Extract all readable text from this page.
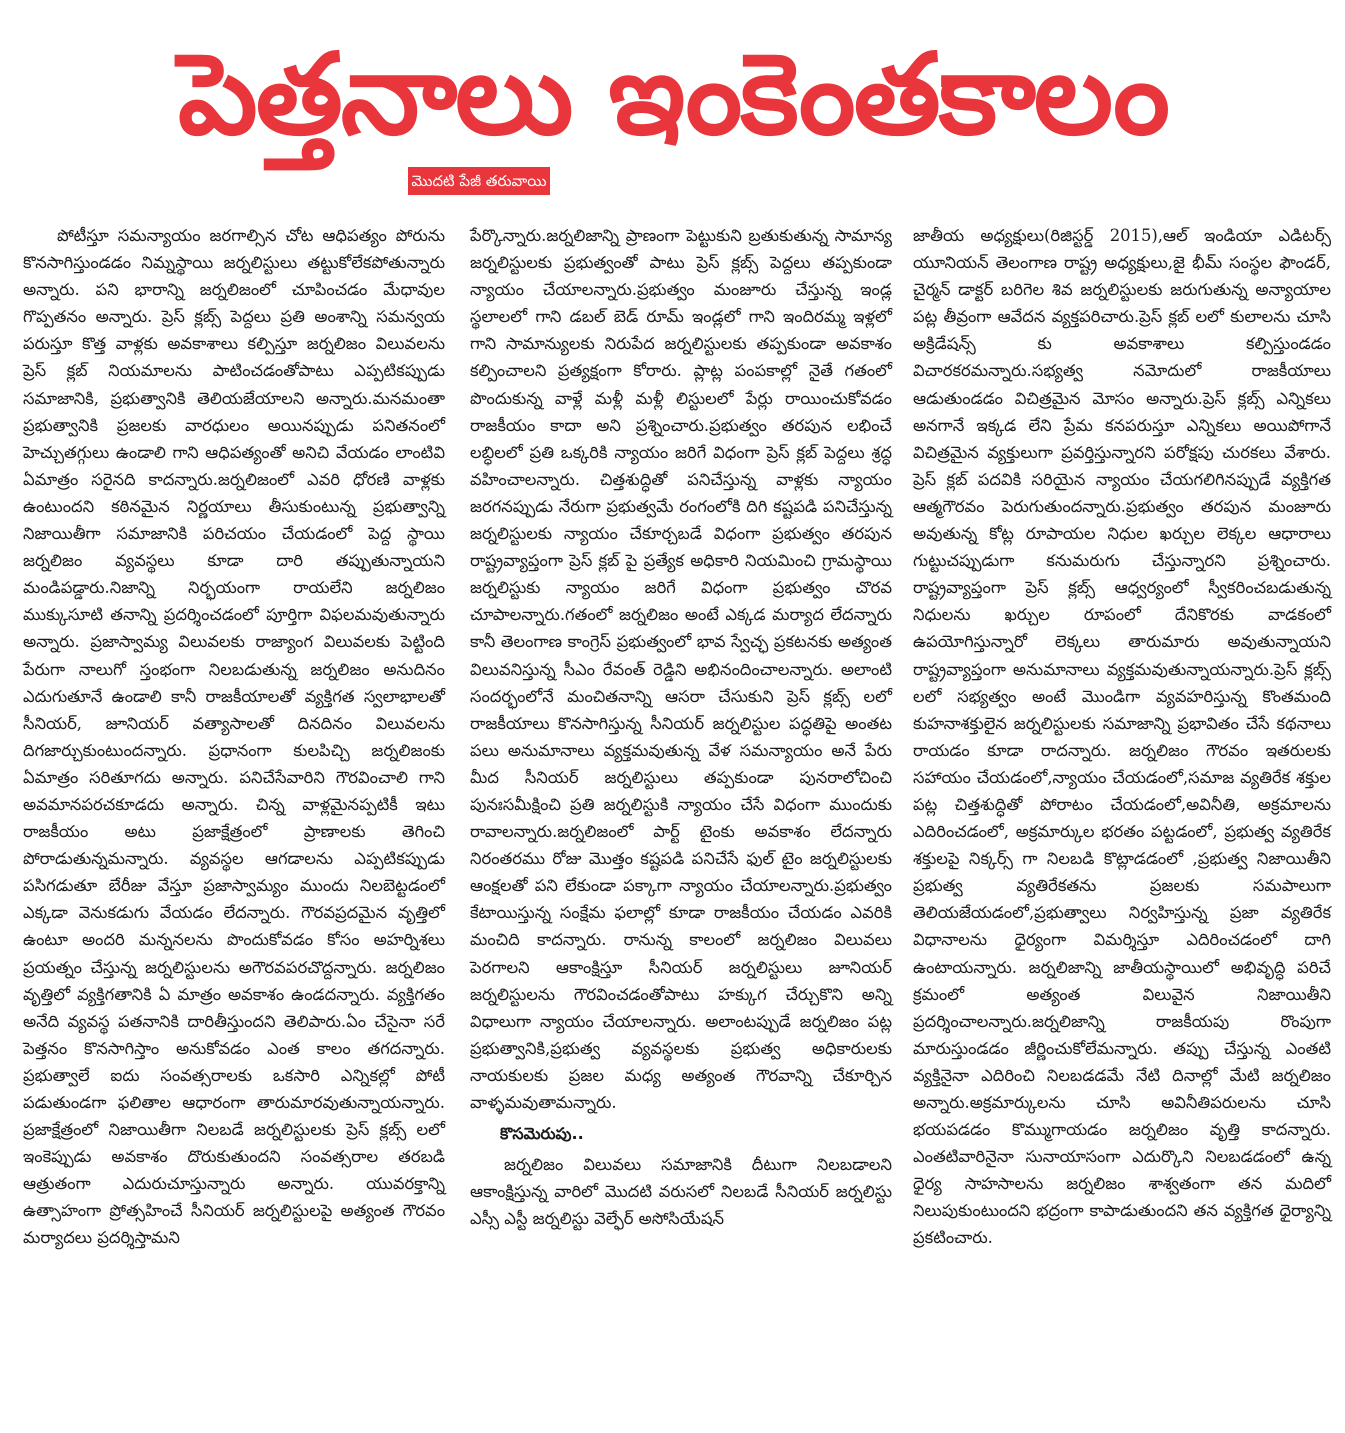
పెత్తనాలు ఇంకెంతకాలం
మొదటి పేజీ తరువాయి

పోటీస్తూ సమన్యాయం జరగాల్సిన చోట ఆధిపత్యం పోరును కొనసాగిస్తుండడం నిమ్నస్థాయి జర్నలిస్టులు తట్టుకోలేకపోతున్నారు అన్నారు. పని భారాన్ని జర్నలిజంలో చూపించడం మేధావుల గొప్పతనం అన్నారు. ప్రెస్ క్లబ్స్ పెద్దలు ప్రతి అంశాన్ని సమన్వయ పరుస్తూ కొత్త వాళ్లకు అవకాశాలు కల్పిస్తూ జర్నలిజం విలువలను ప్రెస్ క్లబ్ నియమాలను పాటించడంతోపాటు ఎప్పటికప్పుడు సమాజానికి, ప్రభుత్వానికి తెలియజేయాలని అన్నారు.మనమంతా ప్రభుత్వానికి ప్రజలకు వారధులం అయినప్పుడు పనితనంలో హెచ్చుతగ్గులు ఉండాలి గాని ఆధిపత్యంతో అనిచి వేయడం లాంటివి ఏమాత్రం సరైనది కాదన్నారు.జర్నలిజంలో ఎవరి ధోరణి వాళ్లకు ఉంటుందని కఠినమైన నిర్ణయాలు తీసుకుంటున్న ప్రభుత్వాన్ని నిజాయితీగా సమాజానికి పరిచయం చేయడంలో పెద్ద స్థాయి జర్నలిజం వ్యవస్థలు కూడా దారి తప్పుతున్నాయని మండిపడ్డారు.నిజాన్ని నిర్భయంగా రాయలేని జర్నలిజం ముక్కుసూటి తనాన్ని ప్రదర్శించడంలో పూర్తిగా విఫలమవుతున్నారు అన్నారు. ప్రజాస్వామ్య విలువలకు రాజ్యాంగ విలువలకు పెట్టింది పేరుగా నాలుగో స్తంభంగా నిలబడుతున్న జర్నలిజం అనుదినం ఎదుగుతూనే ఉండాలి కానీ రాజకీయాలతో వ్యక్తిగత స్వలాభాలతో సీనియర్, జూనియర్ వత్యాసాలతో దినదినం విలువలను దిగజార్చుకుంటుందన్నారు. ప్రధానంగా కులపిచ్చి జర్నలిజంకు ఏమాత్రం సరితూగదు అన్నారు. పనిచేసేవారిని గౌరవించాలి గాని అవమానపరచకూడదు అన్నారు. చిన్న వాళ్లమైనప్పటికీ ఇటు రాజకీయం అటు ప్రజాక్షేత్రంలో ప్రాణాలకు తెగించి పోరాడుతున్నమన్నారు. వ్యవస్థల ఆగడాలను ఎప్పటికప్పుడు పసిగడుతూ బేరీజు వేస్తూ ప్రజాస్వామ్యం ముందు నిలబెట్టడంలో ఎక్కడా వెనుకడుగు వేయడం లేదన్నారు. గౌరవప్రదమైన వృత్తిలో ఉంటూ అందరి మన్ననలను పొందుకోవడం కోసం అహర్నిశలు ప్రయత్నం చేస్తున్న జర్నలిస్టులను అగౌరవపరచొద్దన్నారు. జర్నలిజం వృత్తిలో వ్యక్తిగతానికి ఏ మాత్రం అవకాశం ఉండదన్నారు. వ్యక్తిగతం అనేది వ్యవస్థ పతనానికి దారితీస్తుందని తెలిపారు.ఏం చేసైనా సరే పెత్తనం కొనసాగిస్తాం అనుకోవడం ఎంత కాలం తగదన్నారు. ప్రభుత్వాలే ఐదు సంవత్సరాలకు ఒకసారి ఎన్నికల్లో పోటీ పడుతుండగా ఫలితాల ఆధారంగా తారుమారవుతున్నాయన్నారు. ప్రజాక్షేత్రంలో నిజాయితీగా నిలబడే జర్నలిస్టులకు ప్రెస్ క్లబ్స్ లలో ఇంకెప్పుడు అవకాశం దొరుకుతుందని సంవత్సరాల తరబడి ఆత్రుతంగా ఎదురుచూస్తున్నారు అన్నారు. యువరక్తాన్ని ఉత్సాహంగా ప్రోత్సహించే సీనియర్ జర్నలిస్టులపై అత్యంత గౌరవం మర్యాదలు ప్రదర్శిస్తామని

పేర్కొన్నారు.జర్నలిజాన్ని ప్రాణంగా పెట్టుకుని బ్రతుకుతున్న సామాన్య జర్నలిస్టులకు ప్రభుత్వంతో పాటు ప్రెస్ క్లబ్స్ పెద్దలు తప్పకుండా న్యాయం చేయాలన్నారు.ప్రభుత్వం మంజూరు చేస్తున్న ఇండ్ల స్థలాలలో గాని డబల్ బెడ్ రూమ్ ఇండ్లలో గాని ఇందిరమ్మ ఇళ్లలో గాని సామాన్యులకు నిరుపేద జర్నలిస్టులకు తప్పకుండా అవకాశం కల్పించాలని ప్రత్యక్షంగా కోరారు. ప్లాట్ల పంపకాల్లో నైతే గతంలో పొందుకున్న వాళ్లే మళ్లీ మళ్లీ లిస్టులలో పేర్లు రాయించుకోవడం రాజకీయం కాదా అని ప్రశ్నించారు.ప్రభుత్వం తరపున లభించే లబ్ధిలలో ప్రతి ఒక్కరికి న్యాయం జరిగే విధంగా ప్రెస్ క్లబ్ పెద్దలు శ్రద్ధ వహించాలన్నారు. చిత్తశుద్ధితో పనిచేస్తున్న వాళ్లకు న్యాయం జరగనప్పుడు నేరుగా ప్రభుత్వమే రంగంలోకి దిగి కష్టపడి పనిచేస్తున్న జర్నలిస్టులకు న్యాయం చేకూర్చబడే విధంగా ప్రభుత్వం తరపున రాష్ట్రవ్యాప్తంగా ప్రెస్ క్లబ్ పై ప్రత్యేక అధికారి నియమించి గ్రామస్థాయి జర్నలిస్టుకు న్యాయం జరిగే విధంగా ప్రభుత్వం చొరవ చూపాలన్నారు.గతంలో జర్నలిజం అంటే ఎక్కడ మర్యాద లేదన్నారు కానీ తెలంగాణ కాంగ్రెస్ ప్రభుత్వంలో భావ స్వేచ్ఛ ప్రకటనకు అత్యంత విలువనిస్తున్న సీఎం రేవంత్ రెడ్డిని అభినందించాలన్నారు. అలాంటి సందర్భంలోనే మంచితనాన్ని ఆసరా చేసుకుని ప్రెస్ క్లబ్స్ లలో రాజకీయాలు కొనసాగిస్తున్న సీనియర్ జర్నలిస్టుల పద్ధతిపై అంతట పలు అనుమానాలు వ్యక్తమవుతున్న వేళ సమన్యాయం అనే పేరు మీద సీనియర్ జర్నలిస్టులు తప్పకుండా పునరాలోచించి పునఃసమీక్షించి ప్రతి జర్నలిస్టుకి న్యాయం చేసే విధంగా ముందుకు రావాలన్నారు.జర్నలిజంలో పార్ట్ టైంకు అవకాశం లేదన్నారు నిరంతరము రోజు మొత్తం కష్టపడి పనిచేసే ఫుల్ టైం జర్నలిస్టులకు ఆంక్షలతో పని లేకుండా పక్కాగా న్యాయం చేయాలన్నారు.ప్రభుత్వం కేటాయిస్తున్న సంక్షేమ ఫలాల్లో కూడా రాజకీయం చేయడం ఎవరికి మంచిది కాదన్నారు. రానున్న కాలంలో జర్నలిజం విలువలు పెరగాలని ఆకాంక్షిస్తూ సీనియర్ జర్నలిస్టులు జూనియర్ జర్నలిస్టులను గౌరవించడంతోపాటు హక్కుగ చేర్చుకొని అన్ని విధాలుగా న్యాయం చేయాలన్నారు. అలాంటప్పుడే జర్నలిజం పట్ల ప్రభుత్వానికి,ప్రభుత్వ వ్యవస్థలకు ప్రభుత్వ అధికారులకు నాయకులకు ప్రజల మధ్య అత్యంత గౌరవాన్ని చేకూర్చిన వాళ్ళమవుతామన్నారు.

కొసమెరుపు..

జర్నలిజం విలువలు సమాజానికి దీటుగా నిలబడాలని ఆకాంక్షిస్తున్న వారిలో మొదటి వరుసలో నిలబడే సీనియర్ జర్నలిస్టు ఎస్సీ ఎస్టీ జర్నలిస్టు వెల్ఫేర్ అసోసియేషన్

జాతీయ అధ్యక్షులు(రిజిస్టర్డ్ 2015),ఆల్ ఇండియా ఎడిటర్స్ యూనియన్ తెలంగాణ రాష్ట్ర అధ్యక్షులు,జై భీమ్ సంస్థల ఫౌండర్, చైర్మన్ డాక్టర్ బరిగెల శివ జర్నలిస్టులకు జరుగుతున్న అన్యాయాల పట్ల తీవ్రంగా ఆవేదన వ్యక్తపరిచారు.ప్రెస్ క్లబ్ లలో కులాలను చూసి అక్రిడేషన్స్ కు అవకాశాలు కల్పిస్తుండడం విచారకరమన్నారు.సభ్యత్వ నమోదులో రాజకీయాలు ఆడుతుండడం విచిత్రమైన మోసం అన్నారు.ప్రెస్ క్లబ్స్ ఎన్నికలు అనగానే ఇక్కడ లేని ప్రేమ కనపరుస్తూ ఎన్నికలు అయిపోగానే విచిత్రమైన వ్యక్తులుగా ప్రవర్తిస్తున్నారని పరోక్షపు చురకలు వేశారు. ప్రెస్ క్లబ్ పదవికి సరియైన న్యాయం చేయగలిగినప్పుడే వ్యక్తిగత ఆత్మగౌరవం పెరుగుతుందన్నారు.ప్రభుత్వం తరపున మంజూరు అవుతున్న కోట్ల రూపాయల నిధుల ఖర్చుల లెక్కల ఆధారాలు గుట్టుచప్పుడుగా కనుమరుగు చేస్తున్నారని ప్రశ్నించారు. రాష్ట్రవ్యాప్తంగా ప్రెస్ క్లబ్స్ ఆధ్వర్యంలో స్వీకరించబడుతున్న నిధులను ఖర్చుల రూపంలో దేనికొరకు వాడకంలో ఉపయోగిస్తున్నారో లెక్కలు తారుమారు అవుతున్నాయని రాష్ట్రవ్యాప్తంగా అనుమానాలు వ్యక్తమవుతున్నాయన్నారు.ప్రెస్ క్లబ్స్ లలో సభ్యత్వం అంటే మొండిగా వ్యవహరిస్తున్న కొంతమంది కుహనాశక్తులైన జర్నలిస్టులకు సమాజాన్ని ప్రభావితం చేసే కథనాలు రాయడం కూడా రాదన్నారు. జర్నలిజం గౌరవం ఇతరులకు సహాయం చేయడంలో,న్యాయం చేయడంలో,సమాజ వ్యతిరేక శక్తుల పట్ల చిత్తశుద్ధితో పోరాటం చేయడంలో,అవినీతి, అక్రమాలను ఎదిరించడంలో, అక్రమార్కుల భరతం పట్టడంలో, ప్రభుత్వ వ్యతిరేక శక్తులపై నిక్కర్స్ గా నిలబడి కొట్లాడడంలో ,ప్రభుత్వ నిజాయితీని ప్రభుత్వ వ్యతిరేకతను ప్రజలకు సమపాలుగా తెలియజేయడంలో,ప్రభుత్వాలు నిర్వహిస్తున్న ప్రజా వ్యతిరేక విధానాలను ధైర్యంగా విమర్శిస్తూ ఎదిరించడంలో దాగి ఉంటాయన్నారు. జర్నలిజాన్ని జాతీయస్థాయిలో అభివృద్ధి పరిచే క్రమంలో అత్యంత విలువైన నిజాయితీని ప్రదర్శించాలన్నారు.జర్నలిజాన్ని రాజకీయపు రొంపుగా మారుస్తుండడం జీర్ణించుకోలేమన్నారు. తప్పు చేస్తున్న ఎంతటి వ్యక్తినైనా ఎదిరించి నిలబడడమే నేటి దినాల్లో మేటి జర్నలిజం అన్నారు.అక్రమార్కులను చూసి అవినీతిపరులను చూసి భయపడడం కొమ్ముగాయడం జర్నలిజం వృత్తి కాదన్నారు. ఎంతటివారినైనా సునాయాసంగా ఎదుర్కొని నిలబడడంలో ఉన్న ధైర్య సాహసాలను జర్నలిజం శాశ్వతంగా తన మదిలో నిలుపుకుంటుందని భద్రంగా కాపాడుతుందని తన వ్యక్తిగత ధైర్యాన్ని ప్రకటించారు.
